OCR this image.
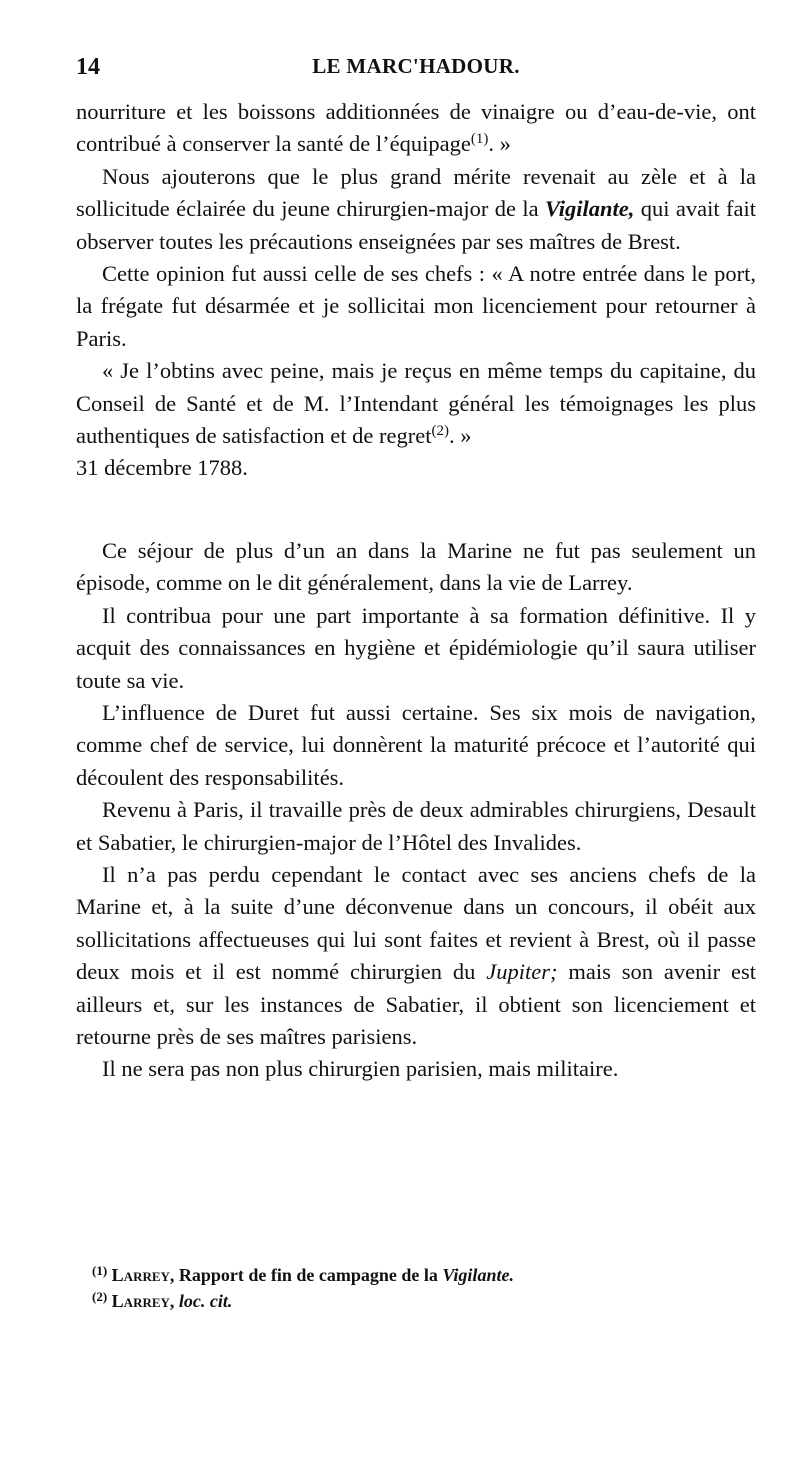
14	LE MARC'HADOUR.

nourriture et les boissons additionnées de vinaigre ou d’eau-de-vie, ont contribué à conserver la santé de l’équipage$^{(1)}$. »

Nous ajouterons que le plus grand mérite revenait au zèle et à la sollicitude éclairée du jeune chirurgien-major de la Vigilante, qui avait fait observer toutes les précautions enseignées par ses maîtres de Brest.

Cette opinion fut aussi celle de ses chefs : « A notre entrée dans le port, la frégate fut désarmée et je sollicitai mon licenciement pour retourner à Paris.

« Je l’obtins avec peine, mais je reçus en même temps du capitaine, du Conseil de Santé et de M. l’Intendant général les témoignages les plus authentiques de satisfaction et de regret$^{(2)}$. »

31 décembre 1788.

Ce séjour de plus d’un an dans la Marine ne fut pas seulement un épisode, comme on le dit généralement, dans la vie de Larrey.

Il contribua pour une part importante à sa formation définitive. Il y acquit des connaissances en hygiène et épidémiologie qu’il saura utiliser toute sa vie.

L’influence de Duret fut aussi certaine. Ses six mois de navigation, comme chef de service, lui donnèrent la maturité précoce et l’autorité qui découlent des responsabilités.

Revenu à Paris, il travaille près de deux admirables chirurgiens, Desault et Sabatier, le chirurgien-major de l’Hôtel des Invalides.

Il n’a pas perdu cependant le contact avec ses anciens chefs de la Marine et, à la suite d’une déconvenue dans un concours, il obéit aux sollicitations affectueuses qui lui sont faites et revient à Brest, où il passe deux mois et il est nommé chirurgien du Jupiter; mais son avenir est ailleurs et, sur les instances de Sabatier, il obtient son licenciement et retourne près de ses maîtres parisiens.

Il ne sera pas non plus chirurgien parisien, mais militaire.

$^{(1)}$ Larrey, Rapport de fin de campagne de la Vigilante.
$^{(2)}$ Larrey, loc. cit.
